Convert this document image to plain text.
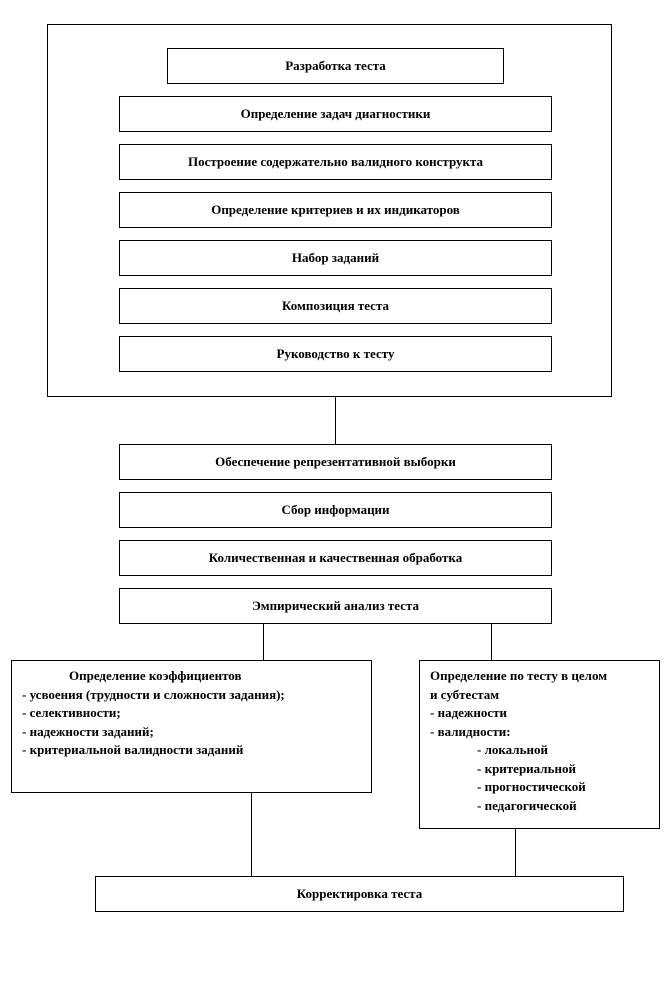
Разработка теста
Определение задач диагностики
Построение содержательно валидного конструкта
Определение критериев и их индикаторов
Набор заданий
Композиция теста
Руководство к тесту
Обеспечение репрезентативной выборки
Сбор информации
Количественная и качественная обработка
Эмпирический анализ теста
Определение коэффициентов
- усвоения (трудности и сложности задания);
- селективности;
- надежности заданий;
- критериальной валидности заданий
Определение по тесту в целом
и субтестам
- надежности
- валидности:
- локальной
- критериальной
- прогностической
- педагогической
Корректировка теста
